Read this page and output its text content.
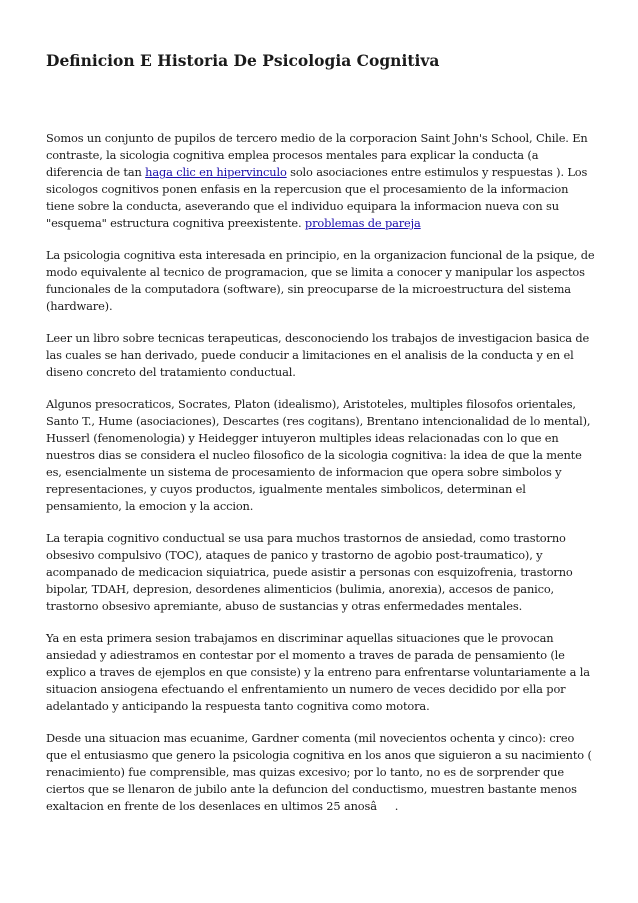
Definicion E Historia De Psicologia Cognitiva

Somos un conjunto de pupilos de tercero medio de la corporacion Saint John's School, Chile. En contraste, la sicologia cognitiva emplea procesos mentales para explicar la conducta (a diferencia de tan haga clic en hipervinculo solo asociaciones entre estimulos y respuestas ). Los sicologos cognitivos ponen enfasis en la repercusion que el procesamiento de la informacion tiene sobre la conducta, aseverando que el individuo equipara la informacion nueva con su "esquema" estructura cognitiva preexistente. problemas de pareja

La psicologia cognitiva esta interesada en principio, en la organizacion funcional de la psique, de modo equivalente al tecnico de programacion, que se limita a conocer y manipular los aspectos funcionales de la computadora (software), sin preocuparse de la microestructura del sistema (hardware).

Leer un libro sobre tecnicas terapeuticas, desconociendo los trabajos de investigacion basica de las cuales se han derivado, puede conducir a limitaciones en el analisis de la conducta y en el diseno concreto del tratamiento conductual.

Algunos presocraticos, Socrates, Platon (idealismo), Aristoteles, multiples filosofos orientales, Santo T., Hume (asociaciones), Descartes (res cogitans), Brentano intencionalidad de lo mental), Husserl (fenomenologia) y Heidegger intuyeron multiples ideas relacionadas con lo que en nuestros dias se considera el nucleo filosofico de la sicologia cognitiva: la idea de que la mente es, esencialmente un sistema de procesamiento de informacion que opera sobre simbolos y representaciones, y cuyos productos, igualmente mentales simbolicos, determinan el pensamiento, la emocion y la accion.

La terapia cognitivo conductual se usa para muchos trastornos de ansiedad, como trastorno obsesivo compulsivo (TOC), ataques de panico y trastorno de agobio post-traumatico), y acompanado de medicacion siquiatrica, puede asistir a personas con esquizofrenia, trastorno bipolar, TDAH, depresion, desordenes alimenticios (bulimia, anorexia), accesos de panico, trastorno obsesivo apremiante, abuso de sustancias y otras enfermedades mentales.

Ya en esta primera sesion trabajamos en discriminar aquellas situaciones que le provocan ansiedad y adiestramos en contestar por el momento a traves de parada de pensamiento (le explico a traves de ejemplos en que consiste) y la entreno para enfrentarse voluntariamente a la situacion ansiogena efectuando el enfrentamiento un numero de veces decidido por ella por adelantado y anticipando la respuesta tanto cognitiva como motora.

Desde una situacion mas ecuanime, Gardner comenta (mil novecientos ochenta y cinco): creo que el entusiasmo que genero la psicologia cognitiva en los anos que siguieron a su nacimiento ( renacimiento) fue comprensible, mas quizas excesivo; por lo tanto, no es de sorprender que ciertos que se llenaron de jubilo ante la defuncion del conductismo, muestren bastante menos exaltacion en frente de los desenlaces en ultimos 25 anosâ.
